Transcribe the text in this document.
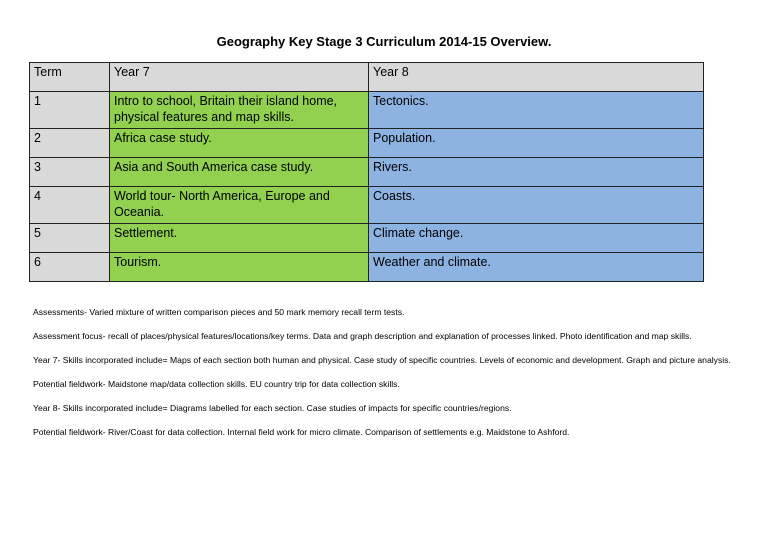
Geography Key Stage 3 Curriculum 2014-15 Overview.
Term	Year 7	Year 8
1	Intro to school, Britain their island home, physical features and map skills.	Tectonics.
2	Africa case study.	Population.
3	Asia and South America case study.	Rivers.
4	World tour- North America, Europe and Oceania.	Coasts.
5	Settlement.	Climate change.
6	Tourism.	Weather and climate.

Assessments- Varied mixture of written comparison pieces and 50 mark memory recall term tests.

Assessment focus- recall of places/physical features/locations/key terms. Data and graph description and explanation of processes linked. Photo identification and map skills.

Year 7- Skills incorporated include= Maps of each section both human and physical. Case study of specific countries. Levels of economic and development. Graph and picture analysis.

Potential fieldwork- Maidstone map/data collection skills. EU country trip for data collection skills.

Year 8- Skills incorporated include= Diagrams labelled for each section. Case studies of impacts for specific countries/regions.

Potential fieldwork- River/Coast for data collection. Internal field work for micro climate. Comparison of settlements e.g. Maidstone to Ashford.
